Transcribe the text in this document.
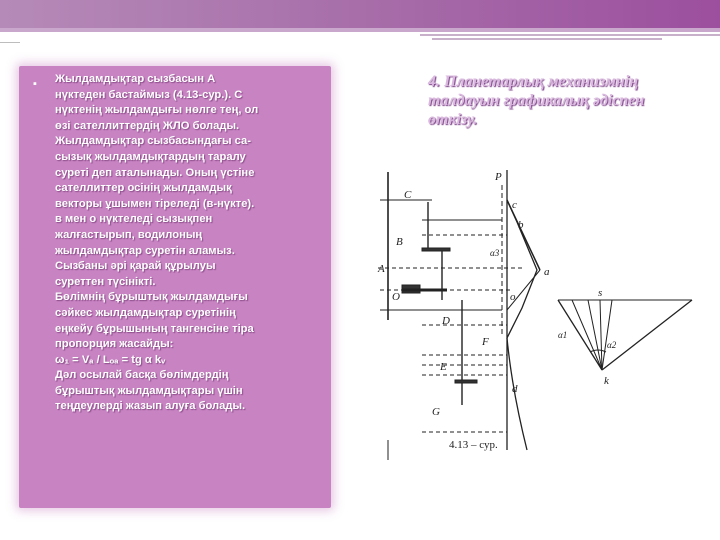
▪ Жылдамдықтар сызбасын А
нүктеден бастаймыз (4.13-сур.). С
нүктенің жылдамдығы нөлге тең, ол
өзі сателлиттердің ЖЛО болады.
Жылдамдықтар сызбасындағы са-
сызық жылдамдықтардың таралу
суреті деп аталынады. Оның үстіне
сателлиттер осінің жылдамдық
векторы ұшымен тіреледі (в-нүкте).
в мен о нүктеледі сызықпен
жалғастырып, водилоның
жылдамдықтар суретін аламыз.
Сызбаны әрі қарай құрылуы
суреттен түсінікті.
Бөлімнің бұрыштық жылдамдығы
сәйкес жылдамдықтар суретінің
еңкейу бұрышының тангенсіне тіра
пропорция жасайды:
ω₁ = Vₐ / Lₒₐ = tg α kᵥ
Дәл осылай басқа бөлімдердің
бұрыштық жылдамдықтары үшін
теңдеулерді жазып алуға болады.
4. Планетарлық механизмнің
талдауын графикалық әдіспен
өткізу.
C
c
A	a
B
b
O	o
P
D
E
F
G
k
d
s
α1
α2
α3
4.13 – сур.
